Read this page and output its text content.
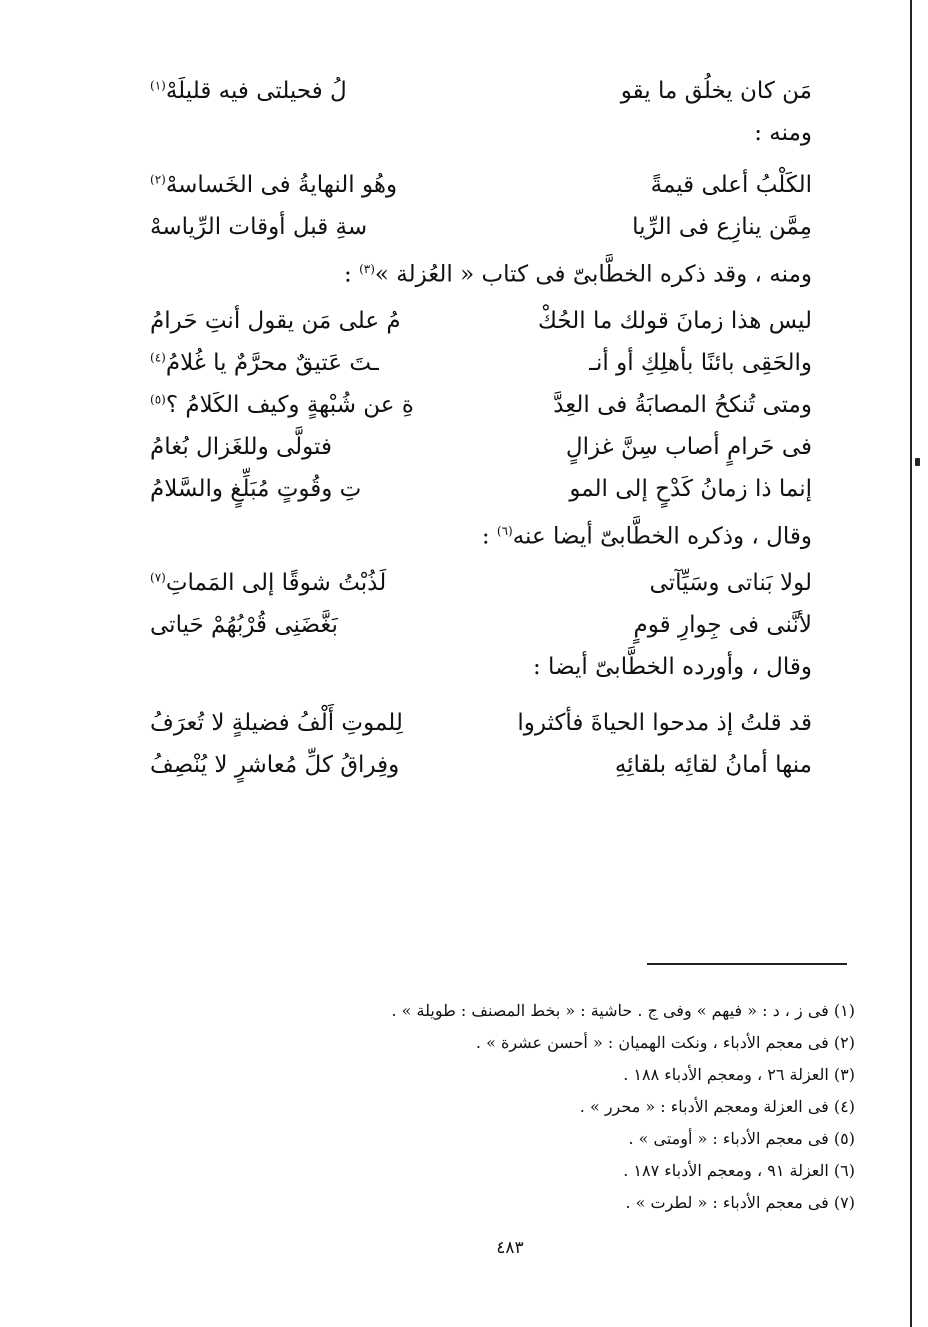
مَن كان يخلُق ما يقو
لُ فحيلتى فيه قليلَهْ$^{(١)}$
ومنه :
الكَلْبُ أعلى قيمةً
وهُو النهايةُ فى الخَساسهْ$^{(٢)}$
مِمَّن ينازِع فى الرِّيا
سةِ قبل أوقات الرِّياسهْ
ومنه ، وقد ذكره الخطَّابىّ فى كتاب « العُزلة »$^{(٣)}$ :
ليس هذا زمانَ قولك ما الحُكْ
مُ على مَن يقول أنتِ حَرامُ
والحَقِى بائنًا بأهلِكِ أو أنـ
ـتَ عَتيقٌ محرَّمٌ يا غُلامُ$^{(٤)}$
ومتى تُنكحُ المصابَةُ فى العِدَّ
ةِ عن شُبْهةٍ وكيف الكَلامُ ؟$^{(٥)}$
فى حَرامٍ أصاب سِنَّ غزالٍ
فتولَّى وللغَزال بُغامُ
إنما ذا زمانُ كَدْحٍ إلى المو
تِ وقُوتٍ مُبَلِّغٍ والسَّلامُ
وقال ، وذكره الخطَّابىّ أيضا عنه$^{(٦)}$ :
لولا بَناتى وسَيِّآتى
لَذُبْتُ شوقًا إلى المَماتِ$^{(٧)}$
لأنَّنى فى جِوارِ قومٍ
بَغَّضَنِى قُرْبُهُمْ حَياتى
وقال ، وأورده الخطَّابىّ أيضا :
قد قلتُ إذ مدحوا الحياةَ فأكثروا
لِلموتِ أَلْفُ فضيلةٍ لا تُعرَفُ
منها أمانُ لقائِه بلقائِهِ
وفِراقُ كلِّ مُعاشرٍ لا يُنْصِفُ
(١) فى ز ، د : « فيهم » وفى ج . حاشية : « بخط المصنف : طويلة » .
(٢) فى معجم الأدباء ، ونكت الهميان : « أحسن عشرة » .
(٣) العزلة ٢٦ ، ومعجم الأدباء ١٨٨ .
(٤) فى العزلة ومعجم الأدباء : « محرر » .
(٥) فى معجم الأدباء : « أومتى » .
(٦) العزلة ٩١ ، ومعجم الأدباء ١٨٧ .
(٧) فى معجم الأدباء : « لطرت » .
٤٨٣
